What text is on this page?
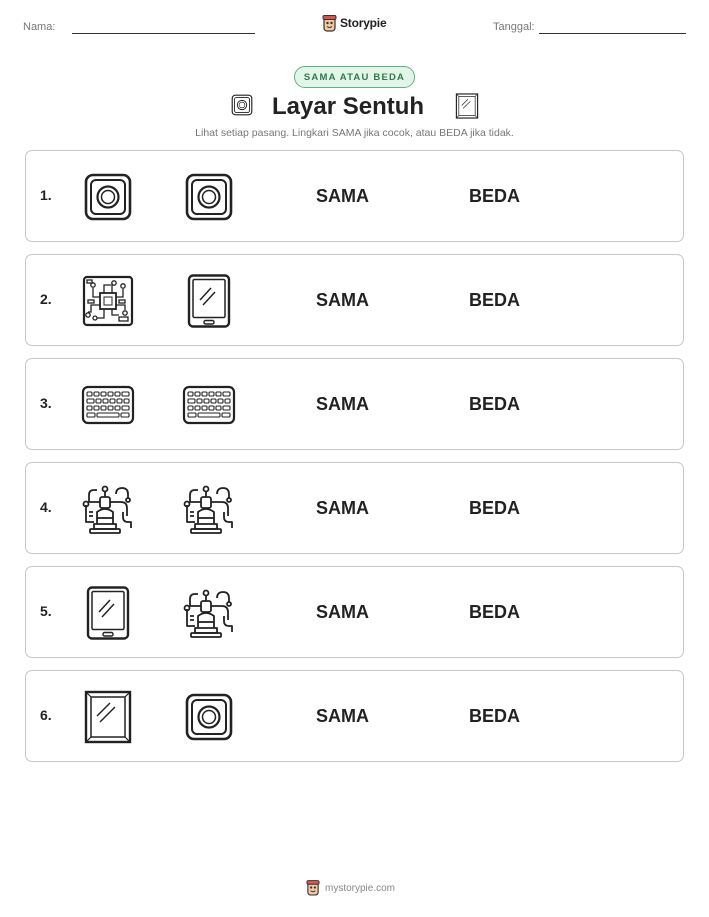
Nama:	Storypie	Tanggal:
SAMA ATAU BEDA
Layar Sentuh
Lihat setiap pasang. Lingkari SAMA jika cocok, atau BEDA jika tidak.
1.	SAMA	BEDA
2.	SAMA	BEDA
3.	SAMA	BEDA
4.	SAMA	BEDA
5.	SAMA	BEDA
6.	SAMA	BEDA
mystorypie.com
